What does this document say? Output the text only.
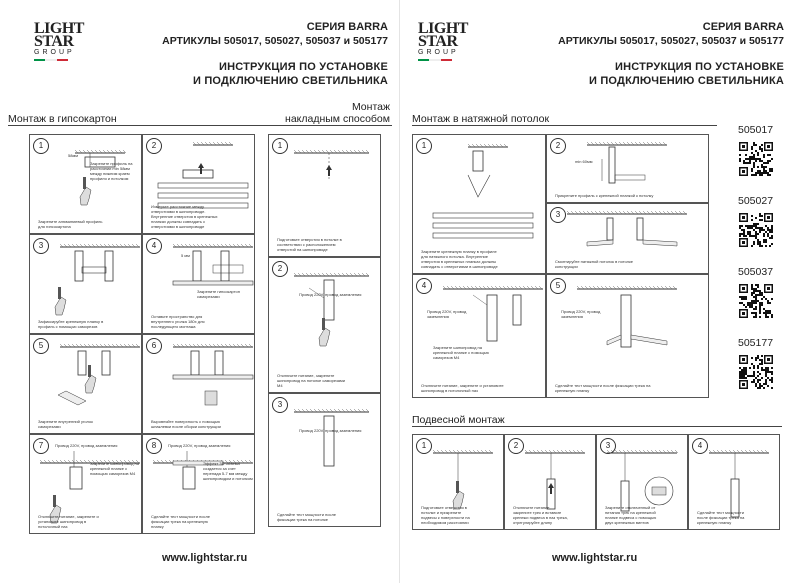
LIGHT
STAR
GROUP
СЕРИЯ BARRA
АРТИКУЛЫ 505017, 505027, 505037 и 505177
ИНСТРУКЦИЯ ПО УСТАНОВКЕ
И ПОДКЛЮЧЕНИЮ СВЕТИЛЬНИКА
Монтаж в гипсокартон
Монтаж
накладным способом
1
Закрепите алюминиевый профиль для гипсокартона
Закрепите профиль на расстоянии min 58мм между нижним краем профиля и потолком
58мм
2
Измерьте расстояние между отверстиями в шинопроводе. Внутренние отверстия в крепежных планках должны совпадать с отверстиями в шинопроводе
3
Зафиксируйте крепежную планку в профиль с помощью саморезов
4
Оставьте пространство для внутреннего уголка 180х для последующего монтажа
5 мм
Закрепите гипсокартон саморезами
5
Закрепите внутренний уголок саморезами
6
Выровняйте поверхность с помощью шпаклевки после сборки конструкции
7
Отключите питание, закрепите и установите шинопровод в потолочный паз
Закрепите шинопровод на крепежной планке с помощью саморезов М4
Провод 220V, провод заземления	8
Сделайте тест мощности после фиксации трека на крепежную планку
Эффект 3D объема создается за счет перепада 5-7 мм между шинопроводом и потолком
Провод 220V, провод заземления
1
Подготовьте отверстия в потолке в соответствии с расположением отверстий на шинопроводе
2
Отключите питание, закрепите шинопровод на потолке саморезами M4
Провод 220V, провод заземления
3
Сделайте тест мощности после фиксации трека на потолке
Провод 220V, провод заземления
www.lightstar.ru
LIGHT
STAR
GROUP
СЕРИЯ BARRA
АРТИКУЛЫ 505017, 505027, 505037 и 505177
ИНСТРУКЦИЯ ПО УСТАНОВКЕ
И ПОДКЛЮЧЕНИЮ СВЕТИЛЬНИКА
Монтаж в натяжной потолок
1
Закрепите крепежную планку в профиле для натяжного потолка. Внутренние отверстия в крепежных планках должны совпадать с отверстиями в шинопроводе
2
Прикрепите профиль с крепежной планкой к потолку
min 60мм
3
Смонтируйте натяжной потолок в потолке конструкции
4
Отключите питание, закрепите и установите шинопровод в потолочный паз
Закрепите шинопровод на крепежной планке с помощью саморезов М4
Провод 220V, провод заземления
5
Сделайте тест мощности после фиксации трека на крепежную планку
Провод 220V, провод заземления
Подвесной монтаж
1
Подготовьте отверстия в потолке и прикрепите подвесы к поверхности на необходимом расстоянии
2
Отключите питание, закрепите трек и вставьте крепежи подвеса в паз трека, отрегулируйте длину
3
Закрепите отключенный от питания трек на крепежной планке подвеса с помощью двух крепежных винтов
4
Сделайте тест мощности после фиксации трека на крепежную планку
505017
505027
505037
505177
www.lightstar.ru
